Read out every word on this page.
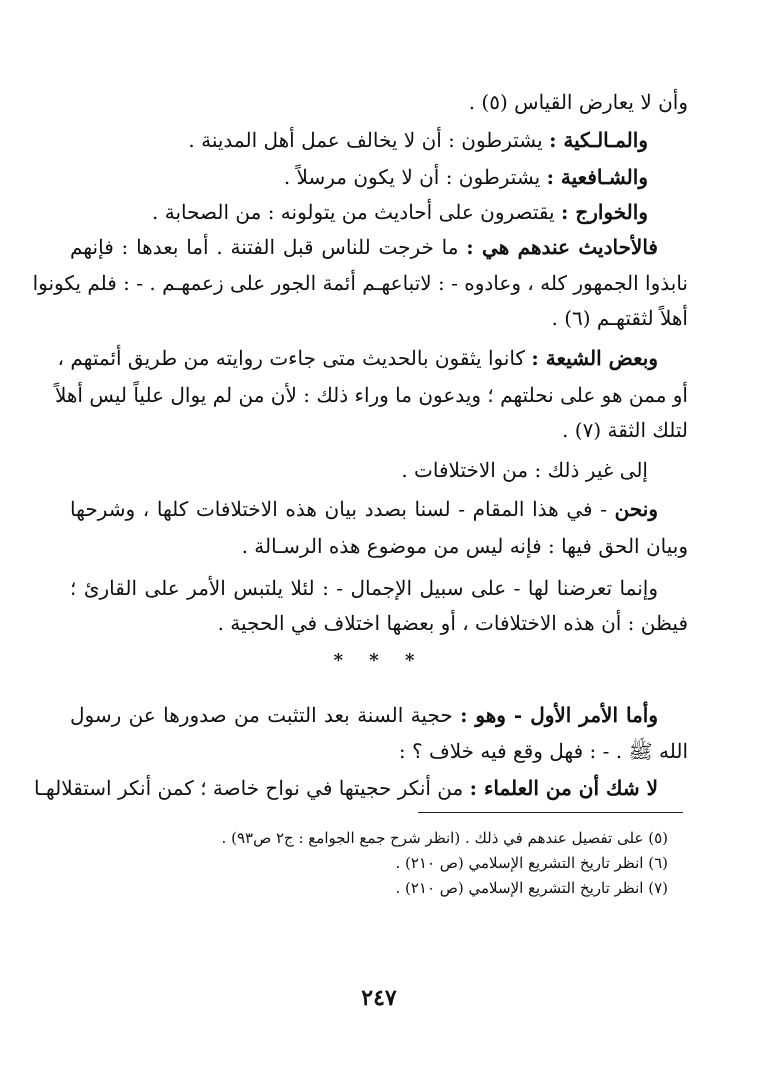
وأن لا يعارض القياس (٥) .
والمـالـكية : يشترطون : أن لا يخالف عمل أهل المدينة .
والشـافعية : يشترطون : أن لا يكون مرسلاً .
والخوارج : يقتصرون على أحاديث من يتولونه : من الصحابة .
فالأحاديث عندهم هي : ما خرجت للناس قبل الفتنة . أما بعدها : فإنهم
نابذوا الجمهور كله ، وعادوه - : لاتباعهـم أئمة الجور على زعمهـم . - : فلم يكونوا
أهلاً لثقتهـم (٦) .
وبعض الشيعة : كانوا يثقون بالحديث متى جاءت روايته من طريق أئمتهم ،
أو ممن هو على نحلتهم ؛ ويدعون ما وراء ذلك : لأن من لم يوال علياً ليس أهلاً
لتلك الثقة (٧) .
إلى غير ذلك : من الاختلافات .
ونحن - في هذا المقام - لسنا بصدد بيان هذه الاختلافات كلها ، وشرحها
وبيان الحق فيها : فإنه ليس من موضوع هذه الرسـالة .
وإنما تعرضنا لها - على سبيل الإجمال - : لئلا يلتبس الأمر على القارئ ؛
فيظن : أن هذه الاختلافات ، أو بعضها اختلاف في الحجية .
* * *
وأما الأمر الأول - وهو : حجية السنة بعد التثبت من صدورها عن رسول
الله ﷺ . - : فهل وقع فيه خلاف ؟ :
لا شك أن من العلماء : من أنكر حجيتها في نواح خاصة ؛ كمن أنكر استقلالهـا
(٥) على تفصيل عندهم في ذلك . (انظر شرح جمع الجوامع : ج٢ ص٩٣) .
(٦) انظر تاريخ التشريع الإسلامي (ص ٢١٠) .
(٧) انظر تاريخ التشريع الإسلامي (ص ٢١٠) .
٢٤٧
